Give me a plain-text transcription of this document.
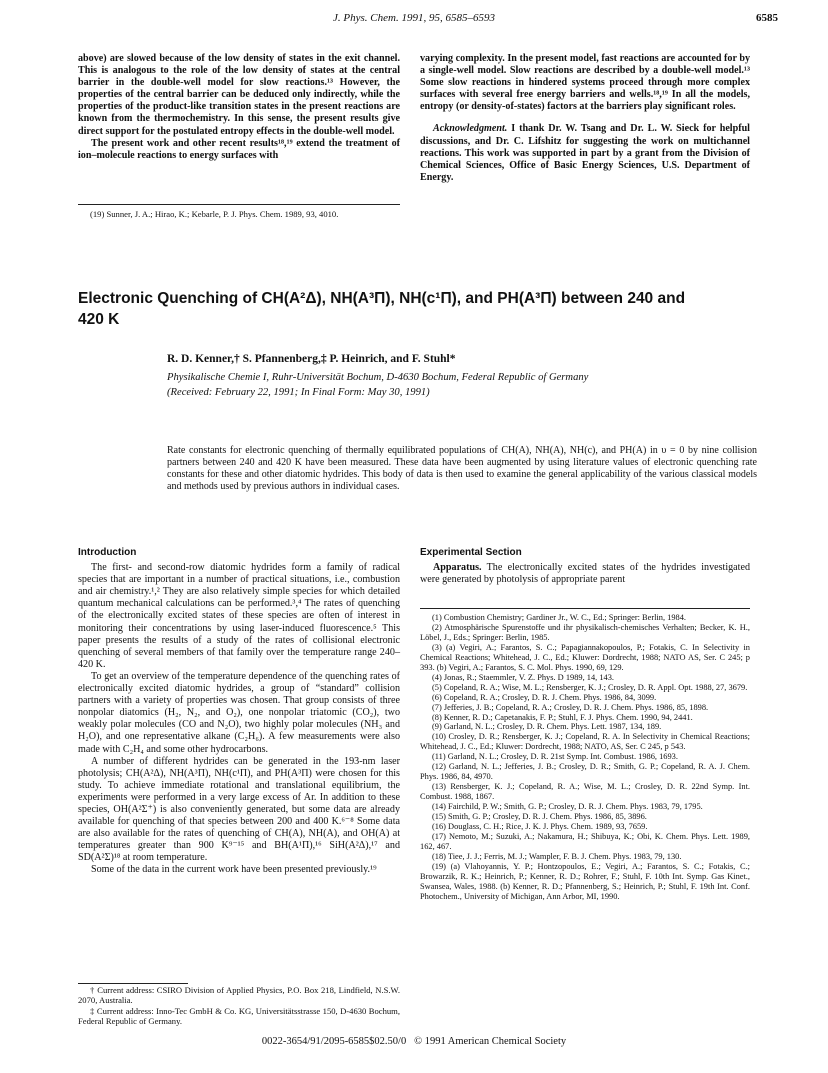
J. Phys. Chem. 1991, 95, 6585–6593	6585

above) are slowed because of the low density of states in the exit channel. This is analogous to the role of the low density of states at the central barrier in the double-well model for slow reactions.¹³ However, the properties of the central barrier can be deduced only indirectly, while the properties of the product-like transition states in the present reactions are known from the thermochemistry. In this sense, the present results give direct support for the postulated entropy effects in the double-well model.

The present work and other recent results¹⁸,¹⁹ extend the treatment of ion–molecule reactions to energy surfaces with

(19) Sunner, J. A.; Hirao, K.; Kebarle, P. J. Phys. Chem. 1989, 93, 4010.

varying complexity. In the present model, fast reactions are accounted for by a single-well model. Slow reactions are described by a double-well model.¹³ Some slow reactions in hindered systems proceed through more complex surfaces with several free energy barriers and wells.¹⁸,¹⁹ In all the models, entropy (or density-of-states) factors at the barriers play significant roles.

Acknowledgment. I thank Dr. W. Tsang and Dr. L. W. Sieck for helpful discussions, and Dr. C. Lifshitz for suggesting the work on multichannel reactions. This work was supported in part by a grant from the Division of Chemical Sciences, Office of Basic Energy Sciences, U.S. Department of Energy.

Electronic Quenching of CH(A²Δ), NH(A³Π), NH(c¹Π), and PH(A³Π) between 240 and
420 K
R. D. Kenner,† S. Pfannenberg,‡ P. Heinrich, and F. Stuhl*
Physikalische Chemie I, Ruhr-Universität Bochum, D-4630 Bochum, Federal Republic of Germany
(Received: February 22, 1991; In Final Form: May 30, 1991)
Rate constants for electronic quenching of thermally equilibrated populations of CH(A), NH(A), NH(c), and PH(A) in υ = 0 by nine collision partners between 240 and 420 K have been measured. These data have been augmented by using literature values of electronic quenching rate constants for these and other diatomic hydrides. This body of data is then used to examine the general applicability of the various classical models and methods used by previous authors in individual cases.

Introduction

The first- and second-row diatomic hydrides form a family of radical species that are important in a number of practical situations, i.e., combustion and air chemistry.¹,² They are also relatively simple species for which detailed quantum mechanical calculations can be performed.³,⁴ The rates of quenching of the electronically excited states of these species are often of interest in monitoring their concentrations by using laser-induced fluorescence.⁵ This paper presents the results of a study of the rates of collisional electronic quenching of several members of that family over the temperature range 240–420 K.

To get an overview of the temperature dependence of the quenching rates of electronically excited diatomic hydrides, a group of “standard” collision partners with a variety of properties was chosen. That group consists of three nonpolar diatomics (H₂, N₂, and O₂), one nonpolar triatomic (CO₂), two weakly polar molecules (CO and N₂O), two highly polar molecules (NH₃ and H₂O), and one representative alkane (C₂H₆). A few measurements were also made with C₂H₄ and some other hydrocarbons.

A number of different hydrides can be generated in the 193-nm laser photolysis; CH(A²Δ), NH(A³Π), NH(c¹Π), and PH(A³Π) were chosen for this study. To achieve immediate rotational and translational equilibrium, the experiments were performed in a very large excess of Ar. In addition to these species, OH(A²Σ⁺) is also conveniently generated, but some data are already available for quenching of that species between 200 and 400 K.⁶⁻⁸ Some data are also available for the rates of quenching of CH(A), NH(A), and OH(A) at temperatures greater than 900 K⁹⁻¹⁵ and BH(A¹Π),¹⁶ SiH(A²Δ),¹⁷ and SD(A²Σ)¹⁸ at room temperature.

Some of the data in the current work have been presented previously.¹⁹

† Current address: CSIRO Division of Applied Physics, P.O. Box 218, Lindfield, N.S.W. 2070, Australia.

‡ Current address: Inno-Tec GmbH & Co. KG, Universitätsstrasse 150, D-4630 Bochum, Federal Republic of Germany.

Experimental Section

Apparatus. The electronically excited states of the hydrides investigated were generated by photolysis of appropriate parent

(1) Combustion Chemistry; Gardiner Jr., W. C., Ed.; Springer: Berlin, 1984.

(2) Atmosphärische Spurenstoffe und ihr physikalisch-chemisches Verhalten; Becker, K. H., Löbel, J., Eds.; Springer: Berlin, 1985.

(3) (a) Vegiri, A.; Farantos, S. C.; Papagiannakopoulos, P.; Fotakis, C. In Selectivity in Chemical Reactions; Whitehead, J. C., Ed.; Kluwer: Dordrecht, 1988; NATO AS, Ser. C 245; p 393. (b) Vegiri, A.; Farantos, S. C. Mol. Phys. 1990, 69, 129.

(4) Jonas, R.; Staemmler, V. Z. Phys. D 1989, 14, 143.

(5) Copeland, R. A.; Wise, M. L.; Rensberger, K. J.; Crosley, D. R. Appl. Opt. 1988, 27, 3679.

(6) Copeland, R. A.; Crosley, D. R. J. Chem. Phys. 1986, 84, 3099.

(7) Jefferies, J. B.; Copeland, R. A.; Crosley, D. R. J. Chem. Phys. 1986, 85, 1898.

(8) Kenner, R. D.; Capetanakis, F. P.; Stuhl, F. J. Phys. Chem. 1990, 94, 2441.

(9) Garland, N. L.; Crosley, D. R. Chem. Phys. Lett. 1987, 134, 189.

(10) Crosley, D. R.; Rensberger, K. J.; Copeland, R. A. In Selectivity in Chemical Reactions; Whitehead, J. C., Ed.; Kluwer: Dordrecht, 1988; NATO, AS, Ser. C 245, p 543.

(11) Garland, N. L.; Crosley, D. R. 21st Symp. Int. Combust. 1986, 1693.

(12) Garland, N. L.; Jefferies, J. B.; Crosley, D. R.; Smith, G. P.; Copeland, R. A. J. Chem. Phys. 1986, 84, 4970.

(13) Rensberger, K. J.; Copeland, R. A.; Wise, M. L.; Crosley, D. R. 22nd Symp. Int. Combust. 1988, 1867.

(14) Fairchild, P. W.; Smith, G. P.; Crosley, D. R. J. Chem. Phys. 1983, 79, 1795.

(15) Smith, G. P.; Crosley, D. R. J. Chem. Phys. 1986, 85, 3896.

(16) Douglass, C. H.; Rice, J. K. J. Phys. Chem. 1989, 93, 7659.

(17) Nemoto, M.; Suzuki, A.; Nakamura, H.; Shibuya, K.; Obi, K. Chem. Phys. Lett. 1989, 162, 467.

(18) Tiee, J. J.; Ferris, M. J.; Wampler, F. B. J. Chem. Phys. 1983, 79, 130.

(19) (a) Vlahoyannis, Y. P.; Hontzopoulos, E.; Vegiri, A.; Farantos, S. C.; Fotakis, C.; Browarzik, R. K.; Heinrich, P.; Kenner, R. D.; Rohrer, F.; Stuhl, F. 10th Int. Symp. Gas Kinet., Swansea, Wales, 1988. (b) Kenner, R. D.; Pfannenberg, S.; Heinrich, P.; Stuhl, F. 19th Int. Conf. Photochem., University of Michigan, Ann Arbor, MI, 1990.

0022-3654/91/2095-6585$02.50/0   © 1991 American Chemical Society
